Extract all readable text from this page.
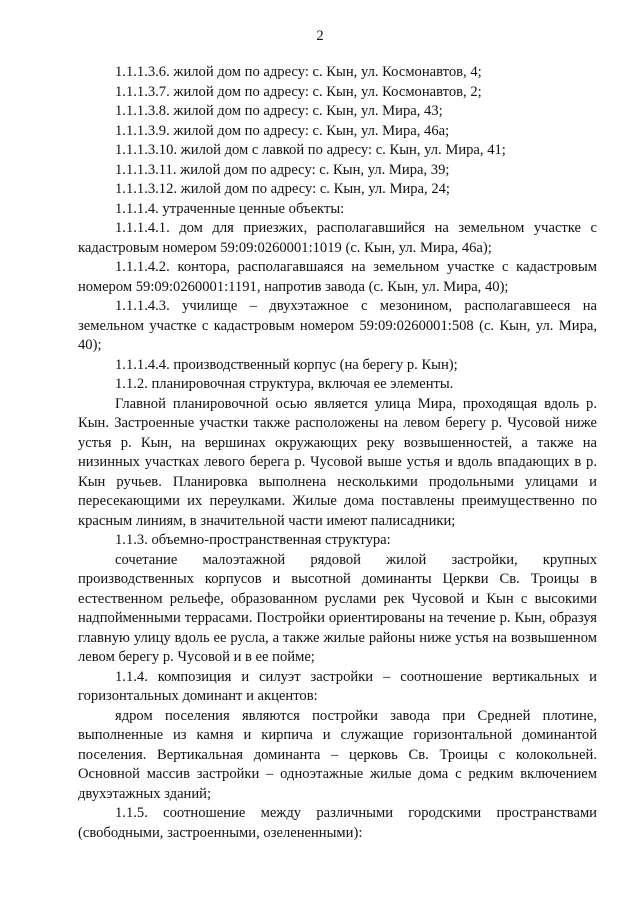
2

1.1.1.3.6. жилой дом по адресу: с. Кын, ул. Космонавтов, 4;

1.1.1.3.7. жилой дом по адресу: с. Кын, ул. Космонавтов, 2;

1.1.1.3.8. жилой дом по адресу: с. Кын, ул. Мира, 43;

1.1.1.3.9. жилой дом по адресу: с. Кын, ул. Мира, 46а;

1.1.1.3.10. жилой дом с лавкой по адресу: с. Кын, ул. Мира, 41;

1.1.1.3.11. жилой дом по адресу: с. Кын, ул. Мира, 39;

1.1.1.3.12. жилой дом по адресу: с. Кын, ул. Мира, 24;

1.1.1.4. утраченные ценные объекты:

1.1.1.4.1. дом для приезжих, располагавшийся на земельном участке с кадастровым номером 59:09:0260001:1019 (с. Кын, ул. Мира, 46а);

1.1.1.4.2. контора, располагавшаяся на земельном участке с кадастровым номером 59:09:0260001:1191, напротив завода (с. Кын, ул. Мира, 40);

1.1.1.4.3. училище – двухэтажное с мезонином, располагавшееся на земельном участке с кадастровым номером 59:09:0260001:508 (с. Кын, ул. Мира, 40);

1.1.1.4.4. производственный корпус (на берегу р. Кын);

1.1.2. планировочная структура, включая ее элементы.

Главной планировочной осью является улица Мира, проходящая вдоль р. Кын. Застроенные участки также расположены на левом берегу р. Чусовой ниже устья р. Кын, на вершинах окружающих реку возвышенностей, а также на низинных участках левого берега р. Чусовой выше устья и вдоль впадающих в р. Кын ручьев. Планировка выполнена несколькими продольными улицами и пересекающими их переулками. Жилые дома поставлены преимущественно по красным линиям, в значительной части имеют палисадники;

1.1.3. объемно-пространственная структура:

сочетание малоэтажной рядовой жилой застройки, крупных производственных корпусов и высотной доминанты Церкви Св. Троицы в естественном рельефе, образованном руслами рек Чусовой и Кын с высокими надпойменными террасами. Постройки ориентированы на течение р. Кын, образуя главную улицу вдоль ее русла, а также жилые районы ниже устья на возвышенном левом берегу р. Чусовой и в ее пойме;

1.1.4. композиция и силуэт застройки – соотношение вертикальных и горизонтальных доминант и акцентов:

ядром поселения являются постройки завода при Средней плотине, выполненные из камня и кирпича и служащие горизонтальной доминантой поселения. Вертикальная доминанта – церковь Св. Троицы с колокольней. Основной массив застройки – одноэтажные жилые дома с редким включением двухэтажных зданий;

1.1.5. соотношение между различными городскими пространствами (свободными, застроенными, озелененными):
